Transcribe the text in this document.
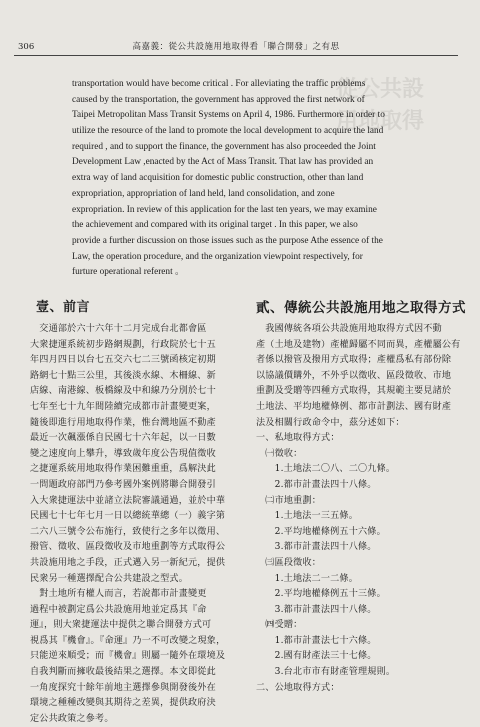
306	高嘉義：從公共設施用地取得看「聯合開發」之有思
從公共設
用地取得
transportation would have become critical . For alleviating the traffic problems
caused by the transportation, the government has approved the first network of
Taipei Metropolitan Mass Transit Systems on April 4, 1986. Furthermore in order to
utilize the resource of the land to promote the local development to acquire the land
required , and to support the finance, the government has also proceeded the Joint
Development Law ,enacted by the Act of Mass Transit. That law has provided an
extra way of land acquisition for domestic public construction, other than land
expropriation, appropriation of land held, land consolidation, and zone
expropriation. In review of this application for the last ten years, we may examine
the achievement and compared with its original target . In this paper, we also
provide a further discussion on those issues such as the purpose Athe essence of the
Law, the operation procedure, and the organization viewpoint respectively, for
furture operational referent 。
壹、前言
　交通部於六十六年十二月完成台北都會區
大衆捷運系統初步路網規劃，行政院於七十五
年四月四日以台七五交六七二三號函核定初期
路網七十點三公里，其後淡水線、木柵線、新
店線、南港線、板橋線及中和線乃分別於七十
七年至七十九年間陸續完成都市計畫變更案，
隨後即進行用地取得作業，惟台灣地區不動產
最近一次飆漲係自民國七十六年起，以一日數
變之速度向上攀升，導致歲年度公告現值徵收
之捷運系統用地取得作業困難重重，爲解決此
一問題政府部門乃參考國外案例將聯合開發引
入大衆捷運法中並諸立法院審議通過，並於中華
民國七十七年七月一日以總統華總（一）義字第
二六八三號令公布施行，致使行之多年以徵用、
撥管、徵收、區段徵收及市地重劃等方式取得公
共設施用地之手段，正式邁入另一新紀元，提供
民衆另一種選擇配合公共建設之型式。
　對土地所有權人而言，若說都市計畫變更
過程中被劃定爲公共設施用地並定爲其『命
運』，則大衆捷運法中提供之聯合開發方式可
視爲其『機會』。『命運』乃一不可改變之現象，
只能逆來順受；而『機會』則屬一隨外在環境及
自我判斷而擁收最後結果之選擇。本文即從此
一角度探究十餘年前地主選擇參與開發後外在
環境之種種改變與其期待之差異，提供政府決
定公共政策之參考。
貳、傳統公共設施用地之取得方式
　我國傳統各項公共設施用地取得方式因不動
產（土地及建物）產權歸屬不同而異，產權屬公有
者係以撥管及撥用方式取得；產權爲私有部份除
以協議價購外，不外乎以徵收、區段徵收、市地
重劃及受贈等四種方式取得，其規範主要見諸於
土地法、平均地權條例、都市計劃法、國有財產
法及相關行政命令中，茲分述如下：
一、私地取得方式：
　㈠徵收：
　　1.土地法二〇八、二〇九條。
　　2.都市計畫法四十八條。
　㈡市地重劃：
　　1.土地法一三五條。
　　2.平均地權條例五十六條。
　　3.都市計畫法四十八條。
　㈢區段徵收：
　　1.土地法二一二條。
　　2.平均地權條例五十三條。
　　3.都市計畫法四十八條。
　㈣受贈：
　　1.都市計畫法七十六條。
　　2.國有財產法三十七條。
　　3.台北市市有財產管理規則。
二、公地取得方式：
